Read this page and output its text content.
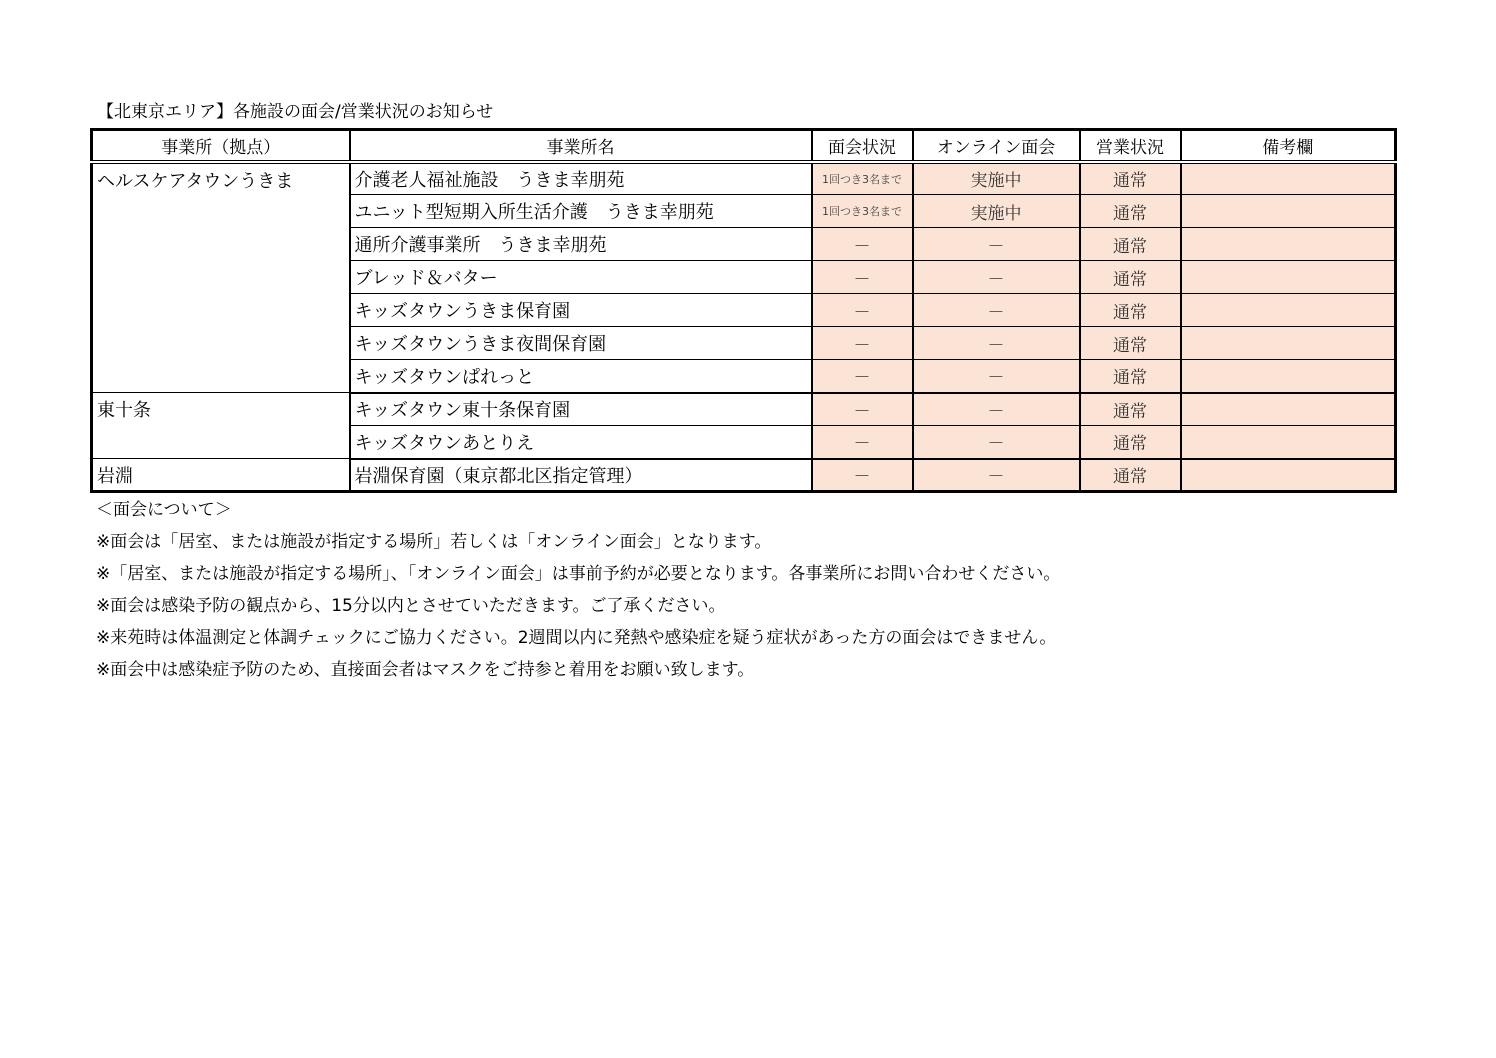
【北東京エリア】各施設の面会/営業状況のお知らせ
事業所（拠点）	事業所名	面会状況	オンライン面会	営業状況	備考欄
ヘルスケアタウンうきま	介護老人福祉施設　うきま幸朋苑	1回つき3名まで	実施中	通常	
	ユニット型短期入所生活介護　うきま幸朋苑	1回つき3名まで	実施中	通常	
	通所介護事業所　うきま幸朋苑	－	－	通常	
	ブレッド＆バター	－	－	通常	
	キッズタウンうきま保育園	－	－	通常	
	キッズタウンうきま夜間保育園	－	－	通常	
	キッズタウンぱれっと	－	－	通常	
東十条	キッズタウン東十条保育園	－	－	通常	
	キッズタウンあとりえ	－	－	通常	
岩淵	岩淵保育園（東京都北区指定管理）	－	－	通常	
＜面会について＞
※面会は「居室、または施設が指定する場所」若しくは「オンライン面会」となります。
※「居室、または施設が指定する場所」、「オンライン面会」は事前予約が必要となります。各事業所にお問い合わせください。
※面会は感染予防の観点から、15分以内とさせていただきます。ご了承ください。
※来苑時は体温測定と体調チェックにご協力ください。2週間以内に発熱や感染症を疑う症状があった方の面会はできません。
※面会中は感染症予防のため、直接面会者はマスクをご持参と着用をお願い致します。
